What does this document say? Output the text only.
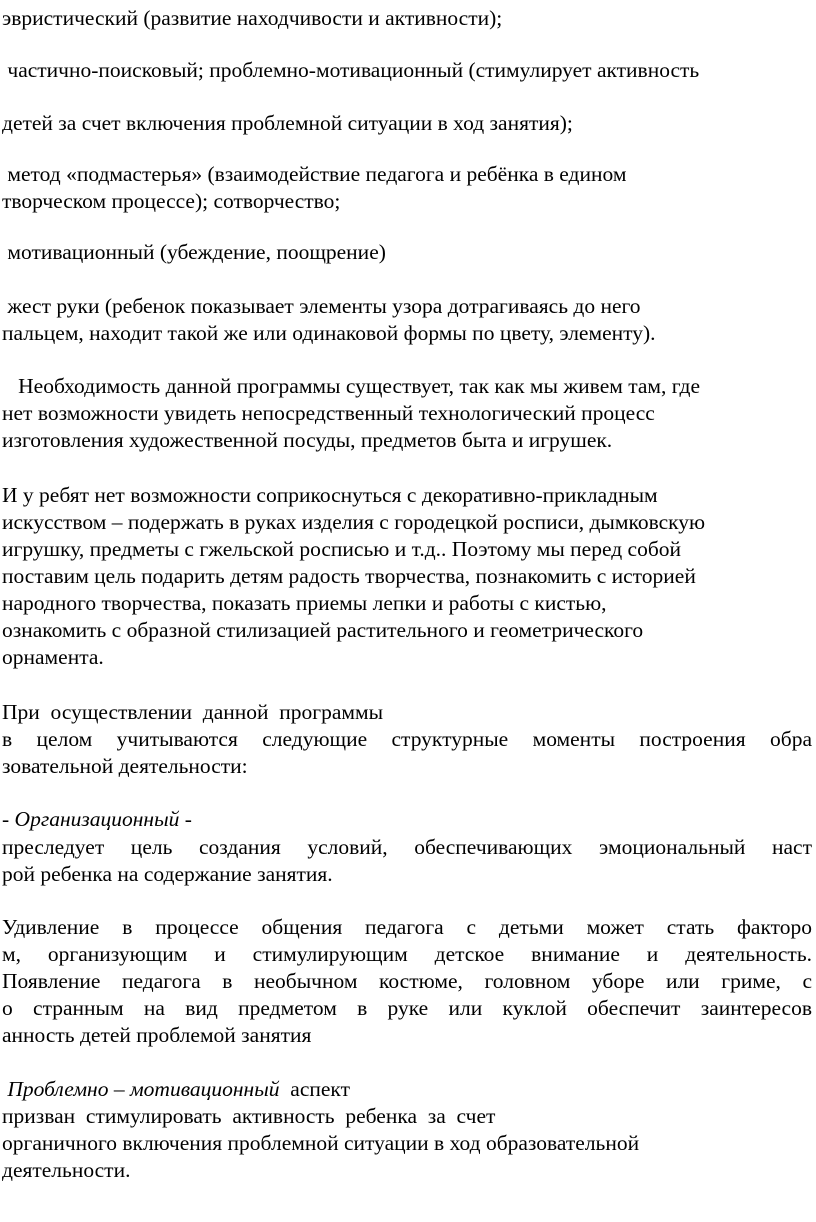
эвристический (развитие находчивости и активности);
частично-поисковый; проблемно-мотивационный (стимулирует активность
детей за счет включения проблемной ситуации в ход занятия);
метод «подмастерья» (взаимодействие педагога и ребёнка в едином
творческом процессе); сотворчество;
мотивационный (убеждение, поощрение)
жест руки (ребенок показывает элементы узора дотрагиваясь до него
пальцем, находит такой же или одинаковой формы по цвету, элементу).
Необходимость данной программы существует, так как мы живем там, где
нет возможности увидеть непосредственный технологический процесс
изготовления художественной посуды, предметов быта и игрушек.
И у ребят нет возможности соприкоснуться с декоративно-прикладным
искусством – подержать в руках изделия с городецкой росписи, дымковскую
игрушку, предметы с гжельской росписью и т.д.. Поэтому мы перед собой
поставим цель подарить детям радость творчества, познакомить с историей
народного творчества, показать приемы лепки и работы с кистью,
ознакомить с образной стилизацией растительного и геометрического
орнамента.
При  осуществлении  данной  программы
в целом учитываются следующие структурные моменты построения обра
зовательной деятельности:
- Организационный -
преследует цель создания условий, обеспечивающих эмоциональный наст
рой ребенка на содержание занятия.
Удивление в процессе общения педагога с детьми может стать факторо
м, организующим и стимулирующим детское внимание и деятельность.
Появление педагога в необычном костюме, головном уборе или гриме, с
о странным на вид предметом в руке или куклой обеспечит заинтересов
анность детей проблемой занятия
Проблемно – мотивационный  аспект
призван  стимулировать  активность  ребенка  за  счет
органичного включения проблемной ситуации в ход образовательной
деятельности.
